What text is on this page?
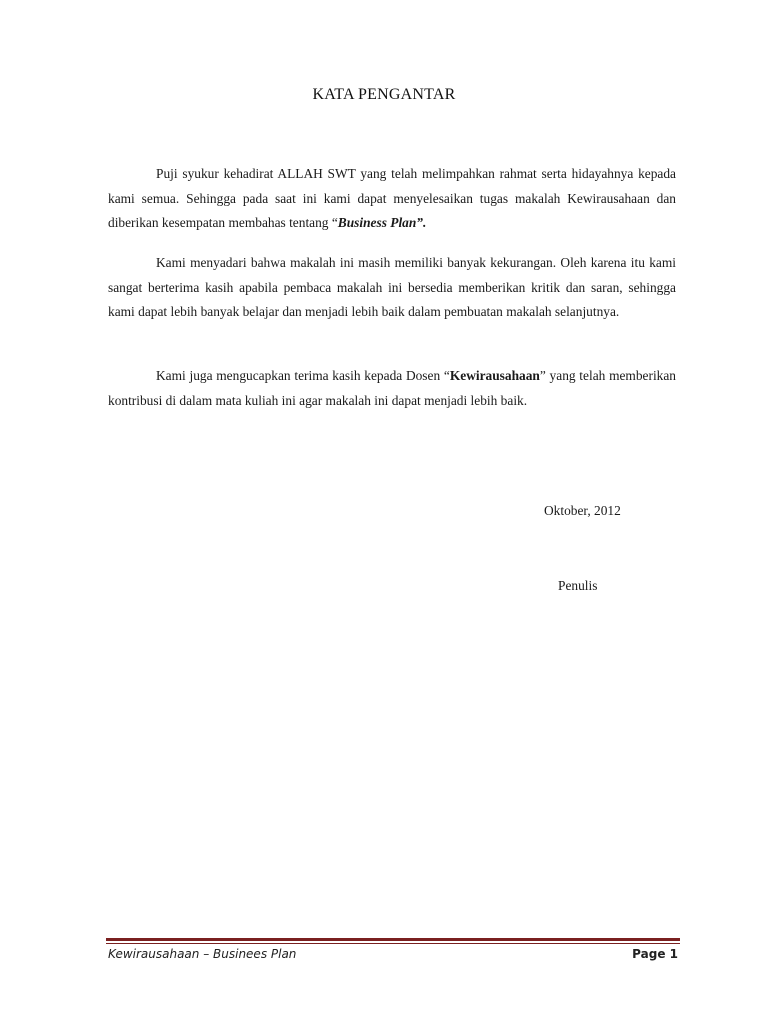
KATA PENGANTAR

Puji syukur kehadirat ALLAH SWT yang telah melimpahkan rahmat serta hidayahnya kepada kami semua. Sehingga pada saat ini kami dapat menyelesaikan tugas makalah Kewirausahaan dan diberikan kesempatan membahas tentang “Business Plan”.

Kami menyadari bahwa makalah ini masih memiliki banyak kekurangan. Oleh karena itu kami sangat berterima kasih apabila pembaca makalah ini bersedia memberikan kritik dan saran, sehingga kami dapat lebih banyak belajar dan menjadi lebih baik dalam pembuatan makalah selanjutnya.

Kami juga mengucapkan terima kasih kepada Dosen “Kewirausahaan” yang telah memberikan kontribusi di dalam mata kuliah ini agar makalah ini dapat menjadi lebih baik.

Oktober, 2012
Penulis
Kewirausahaan – Businees Plan	Page 1
